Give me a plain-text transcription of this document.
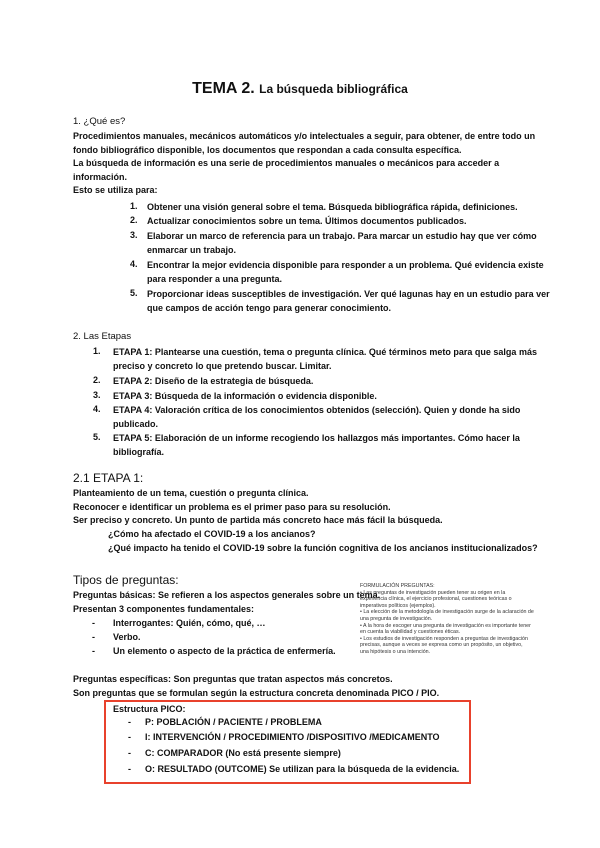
TEMA 2. La búsqueda bibliográfica
1. ¿Qué es?
Procedimientos manuales, mecánicos automáticos y/o intelectuales a seguir, para obtener, de entre todo un
fondo bibliográfico disponible, los documentos que respondan a cada consulta específica.
La búsqueda de información es una serie de procedimientos manuales o mecánicos para acceder a
información.
Esto se utiliza para:
1. Obtener una visión general sobre el tema. Búsqueda bibliográfica rápida, definiciones.
2. Actualizar conocimientos sobre un tema. Últimos documentos publicados.
3. Elaborar un marco de referencia para un trabajo. Para marcar un estudio hay que ver cómo
enmarcar un trabajo.
4. Encontrar la mejor evidencia disponible para responder a un problema. Qué evidencia existe
para responder a una pregunta.
5. Proporcionar ideas susceptibles de investigación. Ver qué lagunas hay en un estudio para ver
que campos de acción tengo para generar conocimiento.
2. Las Etapas
1. ETAPA 1: Plantearse una cuestión, tema o pregunta clínica. Qué términos meto para que salga más
preciso y concreto lo que pretendo buscar. Limitar.
2. ETAPA 2: Diseño de la estrategia de búsqueda.
3. ETAPA 3: Búsqueda de la información o evidencia disponible.
4. ETAPA 4: Valoración crítica de los conocimientos obtenidos (selección). Quien y donde ha sido
publicado.
5. ETAPA 5: Elaboración de un informe recogiendo los hallazgos más importantes. Cómo hacer la
bibliografía.
2.1 ETAPA 1:
Planteamiento de un tema, cuestión o pregunta clínica.
Reconocer e identificar un problema es el primer paso para su resolución.
Ser preciso y concreto. Un punto de partida más concreto hace más fácil la búsqueda.
¿Cómo ha afectado el COVID-19 a los ancianos?
¿Qué impacto ha tenido el COVID-19 sobre la función cognitiva de los ancianos institucionalizados?
Tipos de preguntas:
Preguntas básicas: Se refieren a los aspectos generales sobre un tema.
Presentan 3 componentes fundamentales:
- Interrogantes: Quién, cómo, qué, …
- Verbo.
- Un elemento o aspecto de la práctica de enfermería.
Preguntas específicas: Son preguntas que tratan aspectos más concretos.
Son preguntas que se formulan según la estructura concreta denominada PICO / PIO.
FORMULACIÓN PREGUNTAS:
• Las preguntas de investigación pueden tener su origen en la
experiencia clínica, el ejercicio profesional, cuestiones teóricas o
imperativos políticos (ejemplos).
• La elección de la metodología de investigación surge de la aclaración de
una pregunta de investigación.
• A la hora de escoger una pregunta de investigación es importante tener
en cuenta la viabilidad y cuestiones éticas.
• Los estudios de investigación responden a preguntas de investigación
precisas, aunque a veces se expresa como un propósito, un objetivo,
una hipótesis o una intención.
Estructura PICO:
- P: POBLACIÓN / PACIENTE / PROBLEMA
- I: INTERVENCIÓN / PROCEDIMIENTO /DISPOSITIVO /MEDICAMENTO
- C: COMPARADOR (No está presente siempre)
- O: RESULTADO (OUTCOME) Se utilizan para la búsqueda de la evidencia.
